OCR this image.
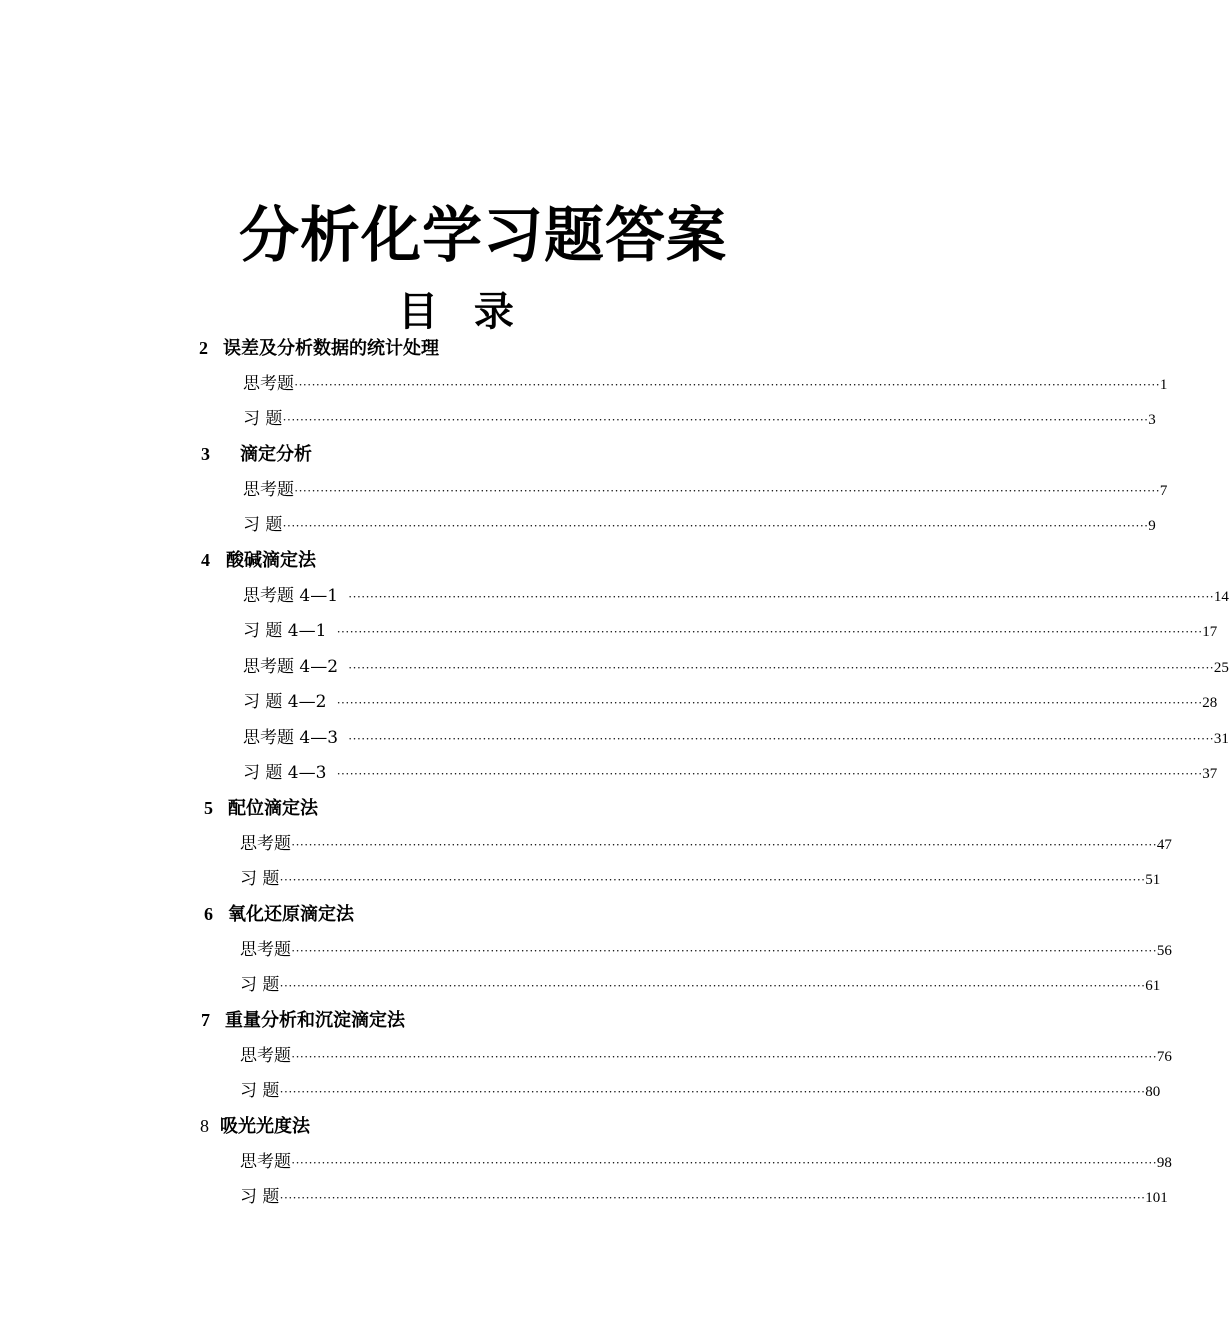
分析化学习题答案
目 录
2 误差及分析数据的统计处理
思考题 ········································································································································································································ 1
习 题 ········································································································································································································ 3
3 滴定分析
思考题 ········································································································································································································ 7
习 题 ········································································································································································································ 9
4 酸碱滴定法
思考题 4—1 ········································································································································································································ 14
习 题 4—1 ········································································································································································································ 17
思考题 4—2 ········································································································································································································ 25
习 题 4—2 ········································································································································································································ 28
思考题 4—3 ········································································································································································································ 31
习 题 4—3 ········································································································································································································ 37
5 配位滴定法
思考题 ········································································································································································································ 47
习 题 ········································································································································································································ 51
6 氧化还原滴定法
思考题 ········································································································································································································ 56
习 题 ········································································································································································································ 61
7 重量分析和沉淀滴定法
思考题 ········································································································································································································ 76
习 题 ········································································································································································································ 80
8 吸光光度法
思考题 ········································································································································································································ 98
习 题 ········································································································································································································ 101
